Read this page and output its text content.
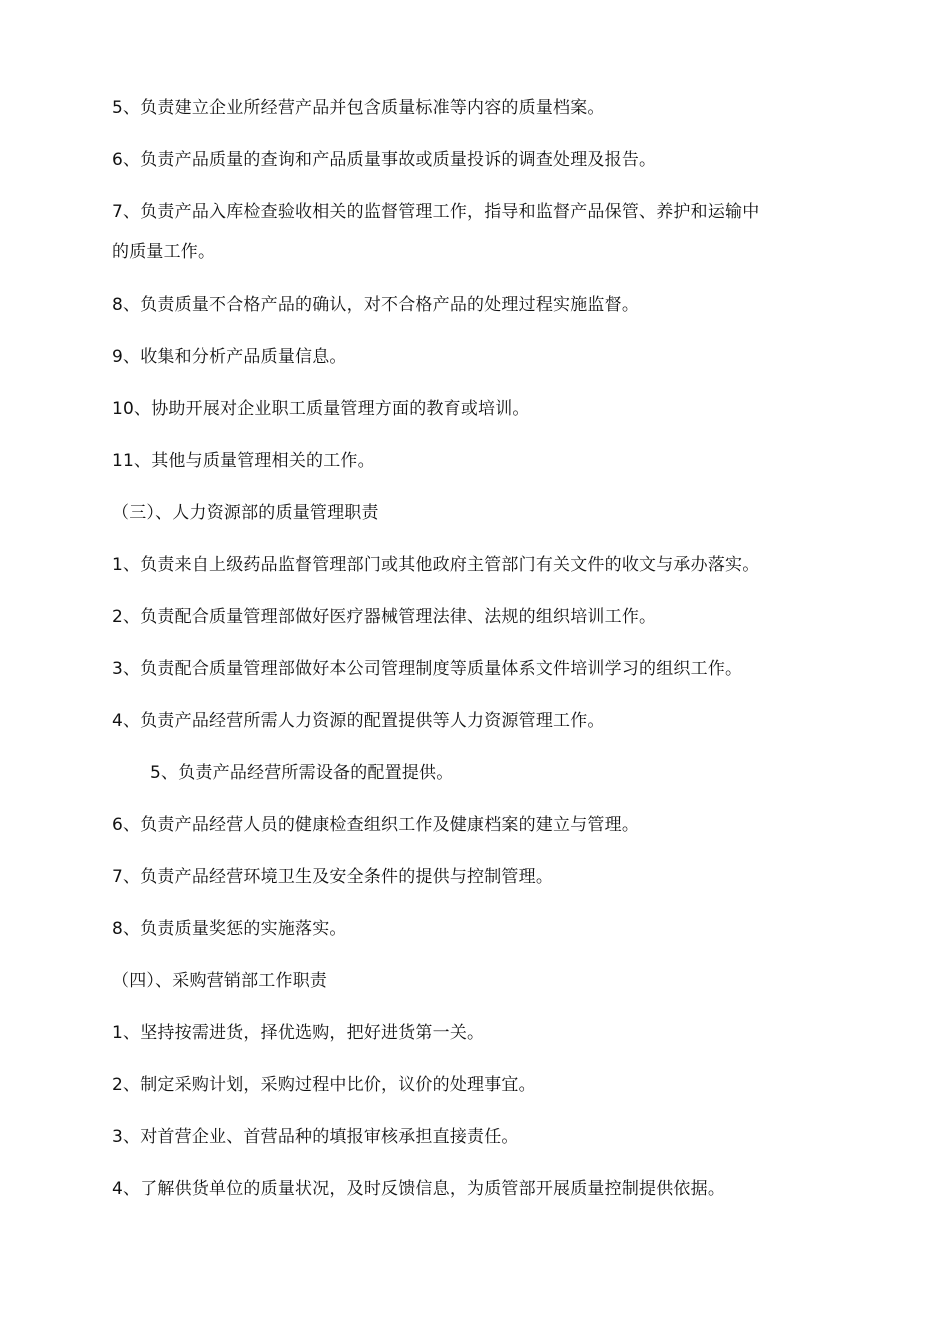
5、负责建立企业所经营产品并包含质量标准等内容的质量档案。
6、负责产品质量的查询和产品质量事故或质量投诉的调查处理及报告。
7、负责产品入库检查验收相关的监督管理工作，指导和监督产品保管、养护和运输中
的质量工作。
8、负责质量不合格产品的确认，对不合格产品的处理过程实施监督。
9、收集和分析产品质量信息。
10、协助开展对企业职工质量管理方面的教育或培训。
11、其他与质量管理相关的工作。
（三）、人力资源部的质量管理职责
1、负责来自上级药品监督管理部门或其他政府主管部门有关文件的收文与承办落实。
2、负责配合质量管理部做好医疗器械管理法律、法规的组织培训工作。
3、负责配合质量管理部做好本公司管理制度等质量体系文件培训学习的组织工作。
4、负责产品经营所需人力资源的配置提供等人力资源管理工作。
5、负责产品经营所需设备的配置提供。
6、负责产品经营人员的健康检查组织工作及健康档案的建立与管理。
7、负责产品经营环境卫生及安全条件的提供与控制管理。
8、负责质量奖惩的实施落实。
（四）、采购营销部工作职责
1、坚持按需进货，择优选购，把好进货第一关。
2、制定采购计划，采购过程中比价，议价的处理事宜。
3、对首营企业、首营品种的填报审核承担直接责任。
4、了解供货单位的质量状况，及时反馈信息，为质管部开展质量控制提供依据。
